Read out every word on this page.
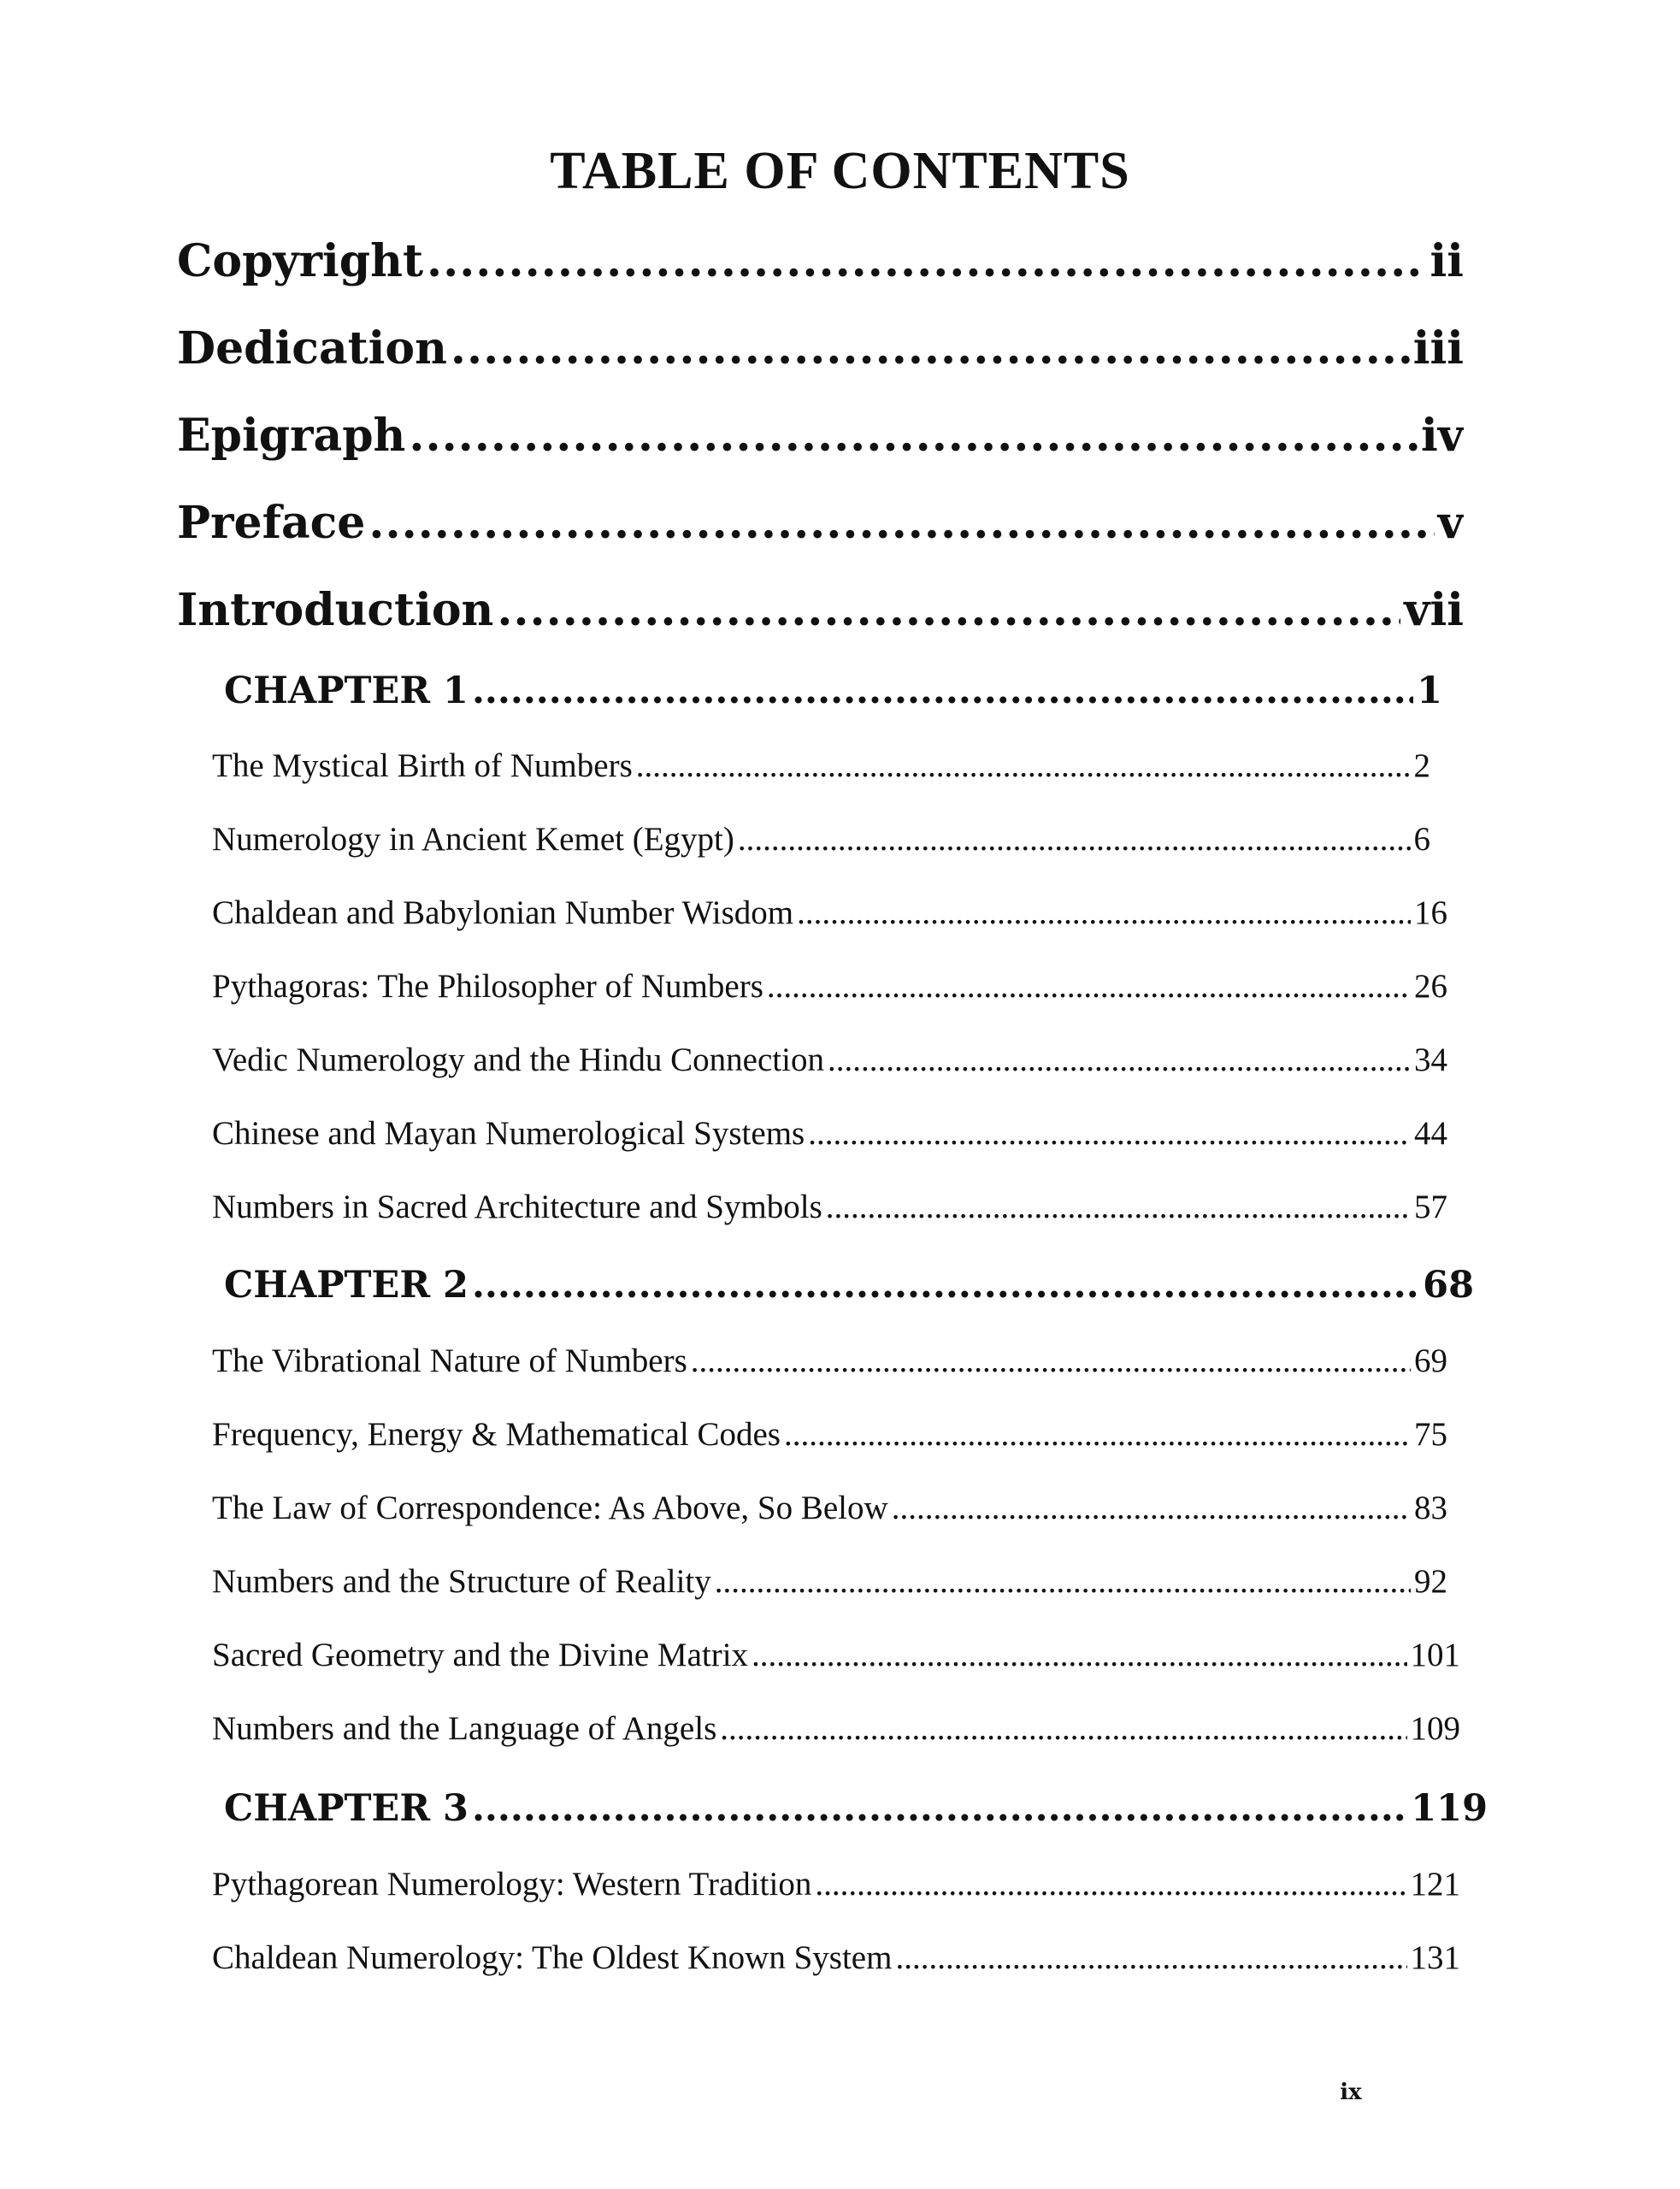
TABLE OF CONTENTS
Copyright .....	ii
Dedication .....	iii
Epigraph .....	iv
Preface .....	v
Introduction .....	vii
CHAPTER 1 .....	1
The Mystical Birth of Numbers .....	2
Numerology in Ancient Kemet (Egypt) .....	6
Chaldean and Babylonian Number Wisdom .....	16
Pythagoras: The Philosopher of Numbers .....	26
Vedic Numerology and the Hindu Connection .....	34
Chinese and Mayan Numerological Systems .....	44
Numbers in Sacred Architecture and Symbols .....	57
CHAPTER 2 .....	68
The Vibrational Nature of Numbers .....	69
Frequency, Energy & Mathematical Codes .....	75
The Law of Correspondence: As Above, So Below .....	83
Numbers and the Structure of Reality .....	92
Sacred Geometry and the Divine Matrix .....	101
Numbers and the Language of Angels .....	109
CHAPTER 3 .....	119
Pythagorean Numerology: Western Tradition .....	121
Chaldean Numerology: The Oldest Known System .....	131
ix
